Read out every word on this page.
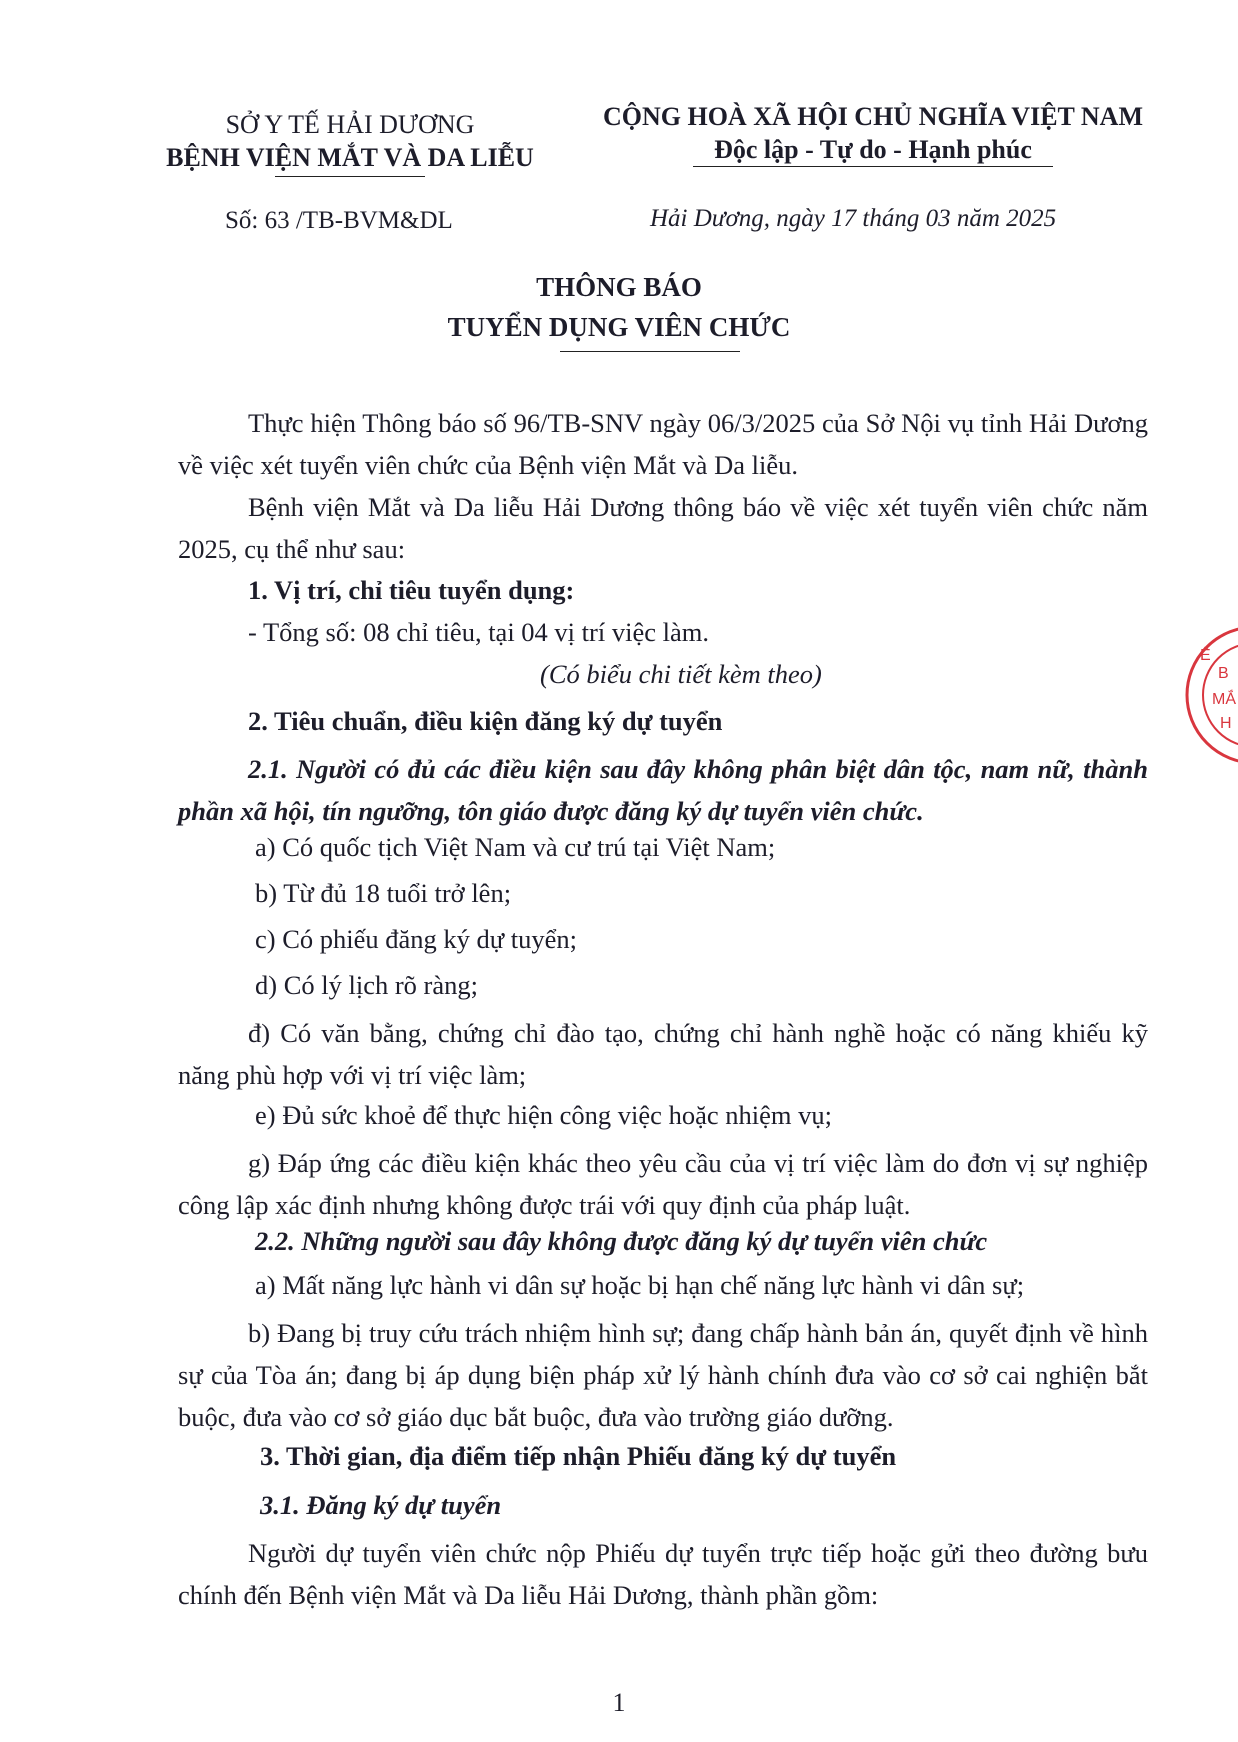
SỞ Y TẾ HẢI DƯƠNG
BỆNH VIỆN MẮT VÀ DA LIỄU
CỘNG HOÀ XÃ HỘI CHỦ NGHĨA VIỆT NAM
Độc lập - Tự do - Hạnh phúc
Số: 63 /TB-BVM&DL	Hải Dương, ngày 17 tháng 03 năm 2025
THÔNG BÁO
TUYỂN DỤNG VIÊN CHỨC

Thực hiện Thông báo số 96/TB-SNV ngày 06/3/2025 của Sở Nội vụ tỉnh Hải Dương về việc xét tuyển viên chức của Bệnh viện Mắt và Da liễu.

Bệnh viện Mắt và Da liễu Hải Dương thông báo về việc xét tuyển viên chức năm 2025, cụ thể như sau:

1. Vị trí, chỉ tiêu tuyển dụng:
- Tổng số: 08 chỉ tiêu, tại 04 vị trí việc làm.
(Có biểu chi tiết kèm theo)
2. Tiêu chuẩn, điều kiện đăng ký dự tuyển

2.1. Người có đủ các điều kiện sau đây không phân biệt dân tộc, nam nữ, thành phần xã hội, tín ngưỡng, tôn giáo được đăng ký dự tuyển viên chức.

a) Có quốc tịch Việt Nam và cư trú tại Việt Nam;
b) Từ đủ 18 tuổi trở lên;
c) Có phiếu đăng ký dự tuyển;
d) Có lý lịch rõ ràng;

đ) Có văn bằng, chứng chỉ đào tạo, chứng chỉ hành nghề hoặc có năng khiếu kỹ năng phù hợp với vị trí việc làm;

e) Đủ sức khoẻ để thực hiện công việc hoặc nhiệm vụ;

g) Đáp ứng các điều kiện khác theo yêu cầu của vị trí việc làm do đơn vị sự nghiệp công lập xác định nhưng không được trái với quy định của pháp luật.

2.2. Những người sau đây không được đăng ký dự tuyển viên chức
a) Mất năng lực hành vi dân sự hoặc bị hạn chế năng lực hành vi dân sự;

b) Đang bị truy cứu trách nhiệm hình sự; đang chấp hành bản án, quyết định về hình sự của Tòa án; đang bị áp dụng biện pháp xử lý hành chính đưa vào cơ sở cai nghiện bắt buộc, đưa vào cơ sở giáo dục bắt buộc, đưa vào trường giáo dưỡng.

3. Thời gian, địa điểm tiếp nhận Phiếu đăng ký dự tuyển
3.1. Đăng ký dự tuyển

Người dự tuyển viên chức nộp Phiếu dự tuyển trực tiếp hoặc gửi theo đường bưu chính đến Bệnh viện Mắt và Da liễu Hải Dương, thành phần gồm:

1
Ế
B
MẮ
H
